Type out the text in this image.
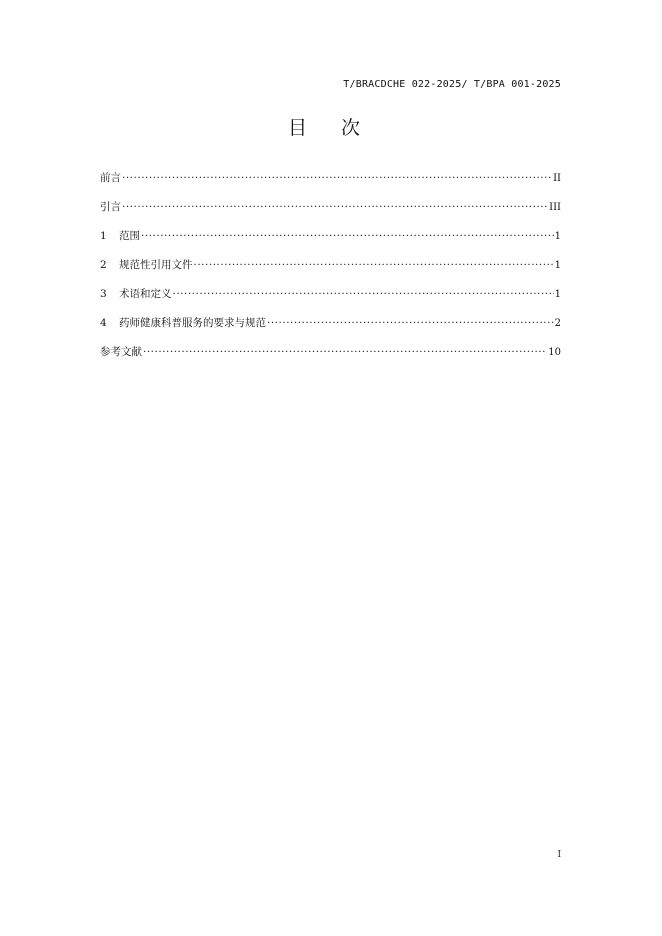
T/BRACDCHE 022-2025/ T/BPA 001-2025
目 次
前言 ·····	II
引言 ·····	III
1	范围 ·····	1
2	规范性引用文件 ·····	1
3	术语和定义 ·····	1
4	药师健康科普服务的要求与规范 ·····	2
参考文献 ·····	10
I
